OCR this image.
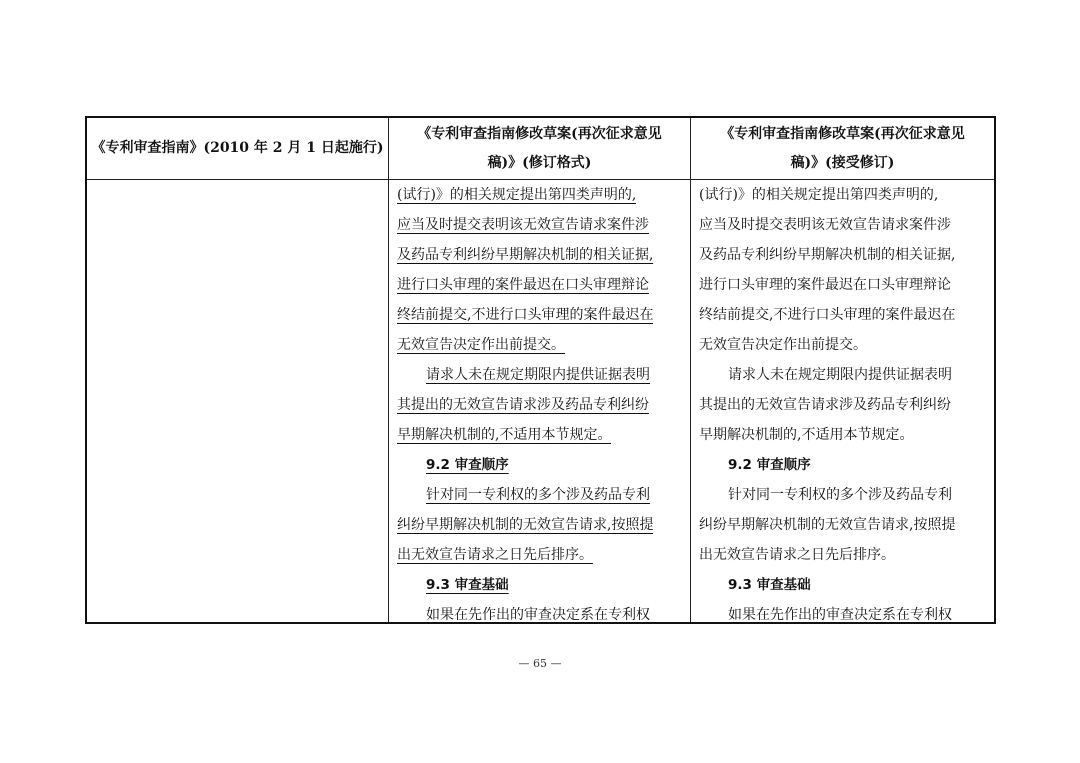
《专利审查指南》(2010 年 2 月 1 日起施行)
《专利审查指南修改草案(再次征求意见
稿)》(修订格式)
《专利审查指南修改草案(再次征求意见
稿)》(接受修订)
(试行)》的相关规定提出第四类声明的,
应当及时提交表明该无效宣告请求案件涉
及药品专利纠纷早期解决机制的相关证据,
进行口头审理的案件最迟在口头审理辩论
终结前提交,不进行口头审理的案件最迟在
无效宣告决定作出前提交。
请求人未在规定期限内提供证据表明
其提出的无效宣告请求涉及药品专利纠纷
早期解决机制的,不适用本节规定。
9.2 审查顺序
针对同一专利权的多个涉及药品专利
纠纷早期解决机制的无效宣告请求,按照提
出无效宣告请求之日先后排序。
9.3 审查基础
如果在先作出的审查决定系在专利权
(试行)》的相关规定提出第四类声明的,
应当及时提交表明该无效宣告请求案件涉
及药品专利纠纷早期解决机制的相关证据,
进行口头审理的案件最迟在口头审理辩论
终结前提交,不进行口头审理的案件最迟在
无效宣告决定作出前提交。
请求人未在规定期限内提供证据表明
其提出的无效宣告请求涉及药品专利纠纷
早期解决机制的,不适用本节规定。
9.2 审查顺序
针对同一专利权的多个涉及药品专利
纠纷早期解决机制的无效宣告请求,按照提
出无效宣告请求之日先后排序。
9.3 审查基础
如果在先作出的审查决定系在专利权
— 65 —
